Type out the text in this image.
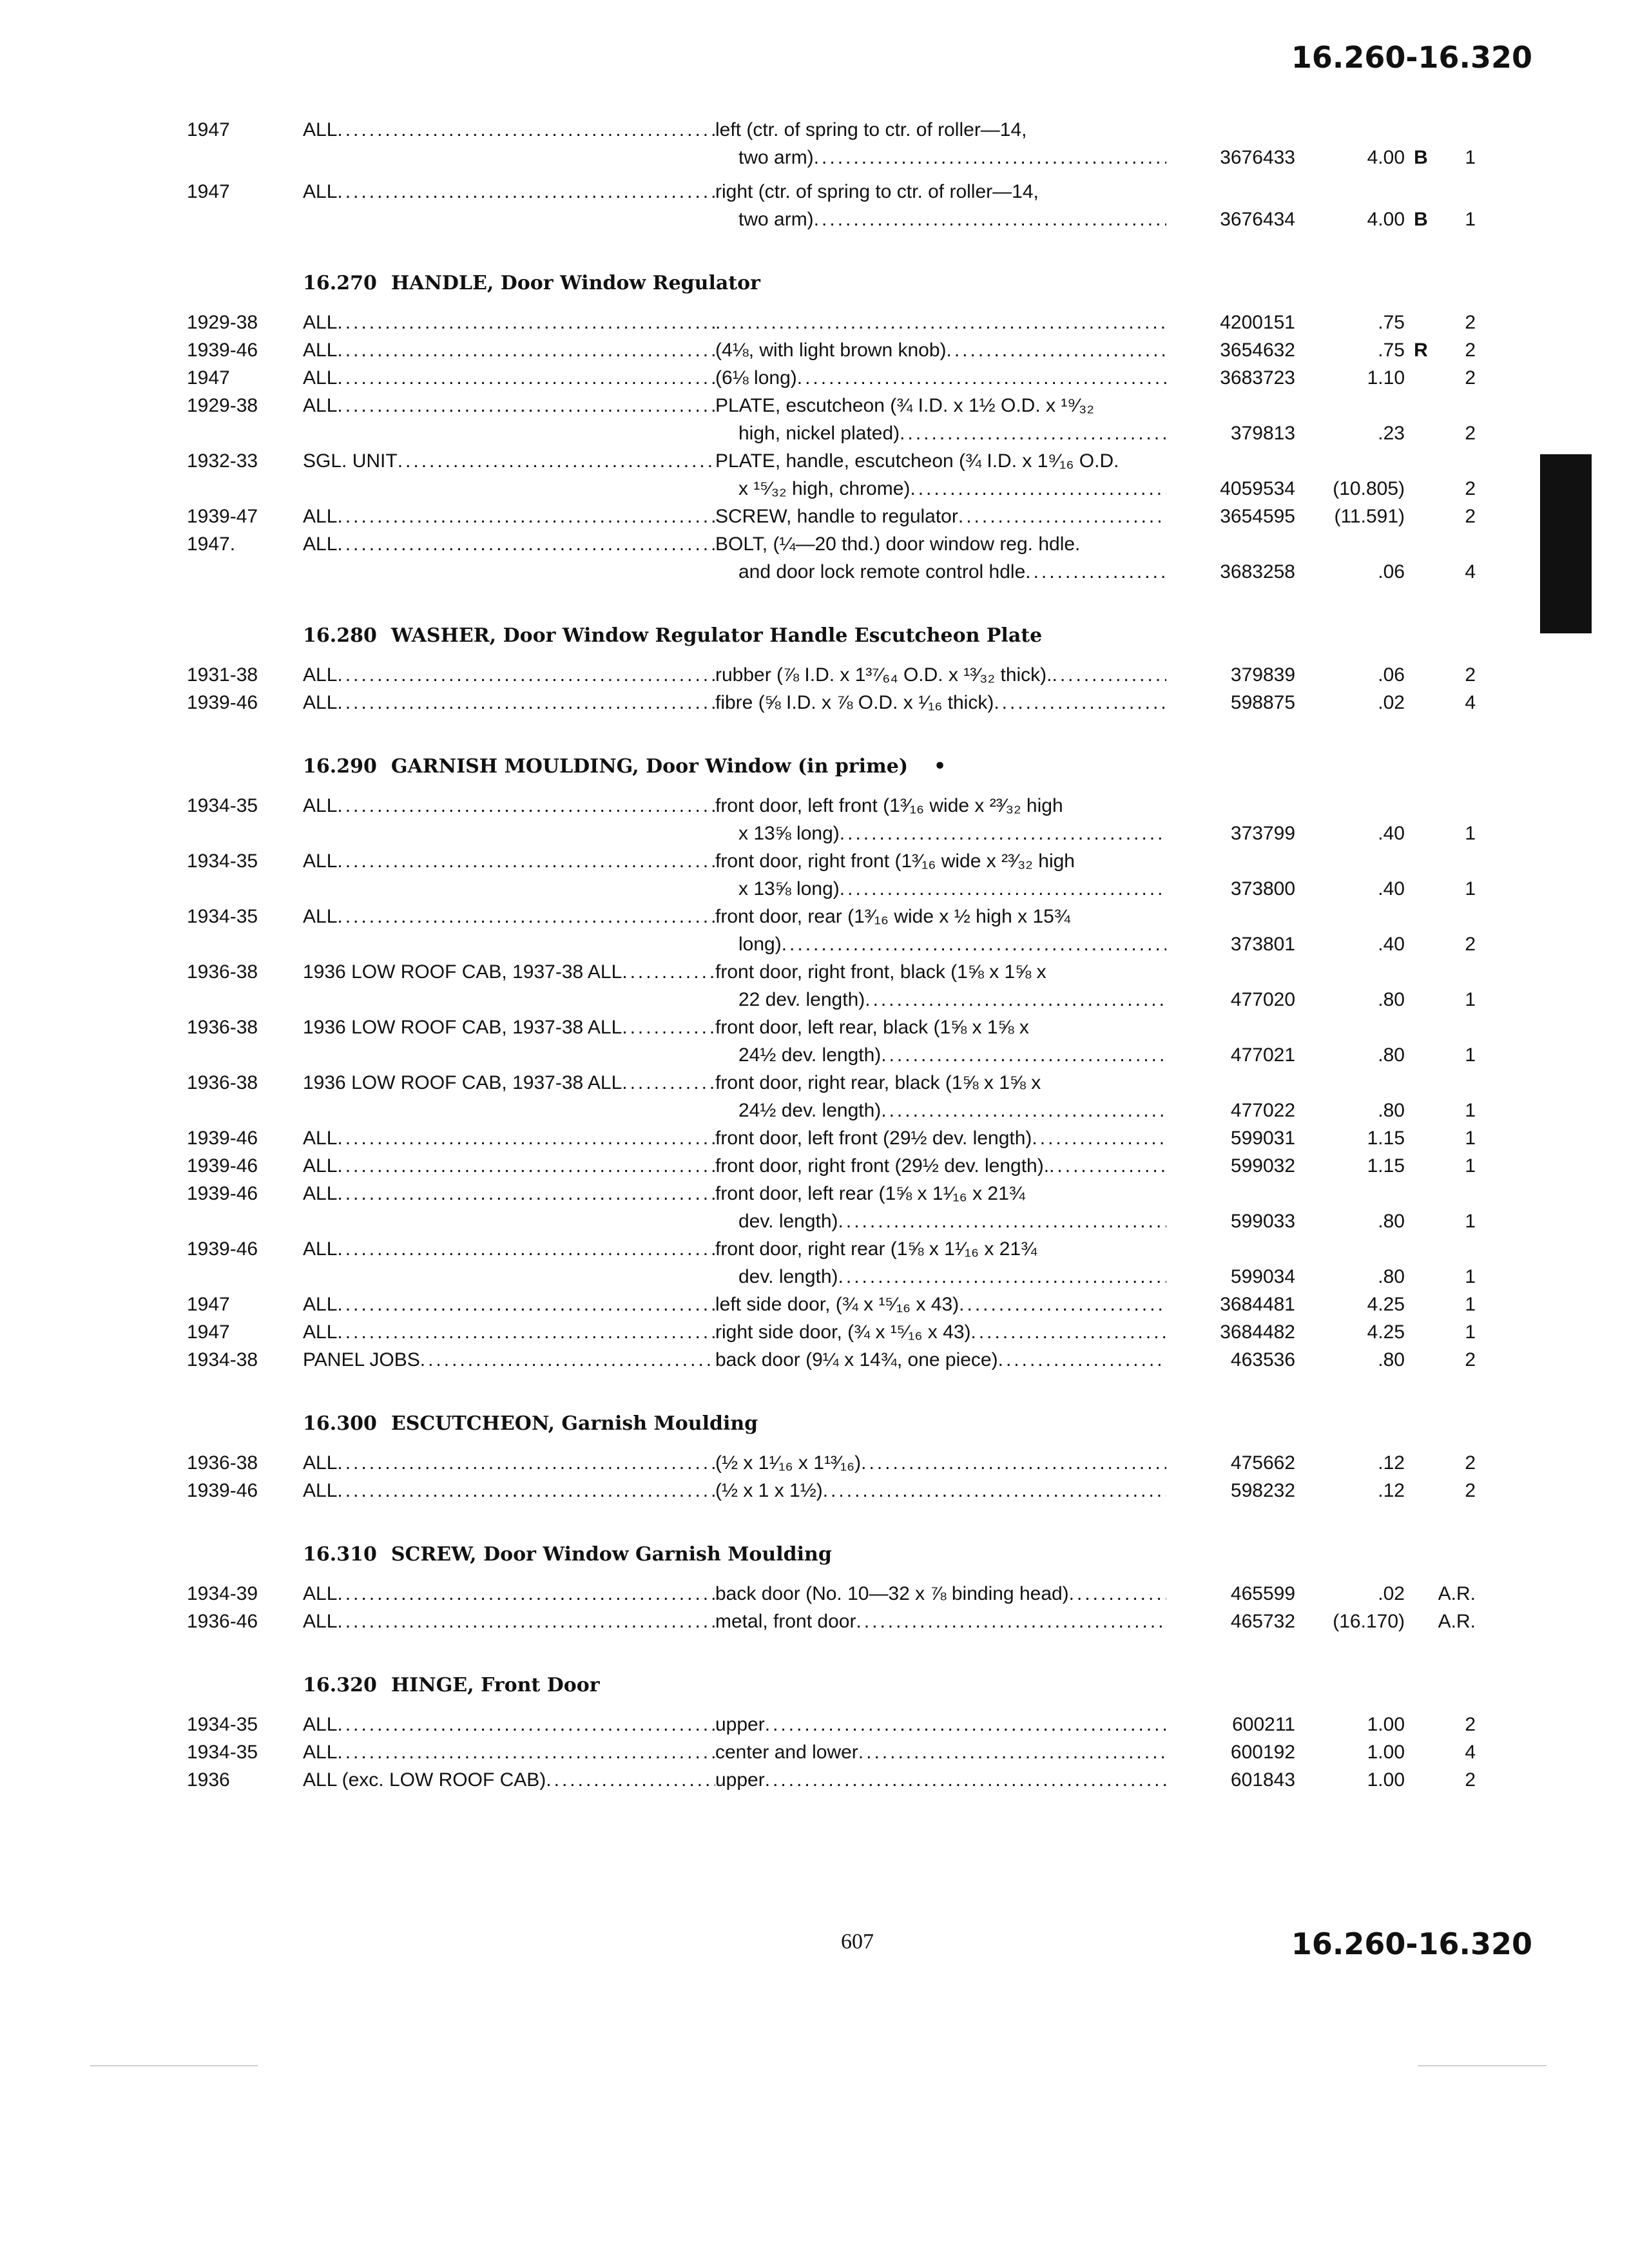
16.260-16.320
1947	ALL .....	left (ctr. of spring to ctr. of roller—14,
two arm) .....	3676433	4.00 B	1
1947	ALL .....	right (ctr. of spring to ctr. of roller—14,
two arm) .....	3676434	4.00 B	1
16.270 HANDLE, Door Window Regulator
1929-38	ALL ..... .....	4200151	.75	2
1939-46	ALL .....	(4⅛, with light brown knob) .....	3654632	.75 R	2
1947	ALL .....	(6⅛ long) .....	3683723	1.10	2
1929-38	ALL .....	PLATE, escutcheon (¾ I.D. x 1½ O.D. x ¹⁹⁄₃₂
high, nickel plated) .....	379813	.23	2
1932-33	SGL. UNIT .....	PLATE, handle, escutcheon (¾ I.D. x 1⁹⁄₁₆ O.D.
x ¹⁵⁄₃₂ high, chrome) .....	4059534	(10.805)	2
1939-47	ALL .....	SCREW, handle to regulator .....	3654595	(11.591)	2
1947.	ALL .....	BOLT, (¼—20 thd.) door window reg. hdle.
and door lock remote control hdle .....	3683258	.06	4
16.280 WASHER, Door Window Regulator Handle Escutcheon Plate
1931-38	ALL .....	rubber (⅞ I.D. x 1³⁷⁄₆₄ O.D. x ¹³⁄₃₂ thick). .....	379839	.06	2
1939-46	ALL .....	fibre (⅝ I.D. x ⅞ O.D. x ¹⁄₁₆ thick) .....	598875	.02	4
16.290 GARNISH MOULDING, Door Window (in prime) •
1934-35	ALL .....	front door, left front (1³⁄₁₆ wide x ²³⁄₃₂ high
x 13⅝ long) .....	373799	.40	1
1934-35	ALL .....	front door, right front (1³⁄₁₆ wide x ²³⁄₃₂ high
x 13⅝ long) .....	373800	.40	1
1934-35	ALL .....	front door, rear (1³⁄₁₆ wide x ½ high x 15¾
long) .....	373801	.40	2
1936-38	1936 LOW ROOF CAB, 1937-38 ALL .....	front door, right front, black (1⅝ x 1⅝ x
22 dev. length) .....	477020	.80	1
1936-38	1936 LOW ROOF CAB, 1937-38 ALL .....	front door, left rear, black (1⅝ x 1⅝ x
24½ dev. length) .....	477021	.80	1
1936-38	1936 LOW ROOF CAB, 1937-38 ALL .....	front door, right rear, black (1⅝ x 1⅝ x
24½ dev. length) .....	477022	.80	1
1939-46	ALL .....	front door, left front (29½ dev. length) .....	599031	1.15	1
1939-46	ALL .....	front door, right front (29½ dev. length). .....	599032	1.15	1
1939-46	ALL .....	front door, left rear (1⅝ x 1¹⁄₁₆ x 21¾
dev. length) .....	599033	.80	1
1939-46	ALL .....	front door, right rear (1⅝ x 1¹⁄₁₆ x 21¾
dev. length) .....	599034	.80	1
1947	ALL .....	left side door, (¾ x ¹⁵⁄₁₆ x 43) .....	3684481	4.25	1
1947	ALL .....	right side door, (¾ x ¹⁵⁄₁₆ x 43) .....	3684482	4.25	1
1934-38	PANEL JOBS .....	back door (9¼ x 14¾, one piece) .....	463536	.80	2
16.300 ESCUTCHEON, Garnish Moulding
1936-38	ALL .....	(½ x 1¹⁄₁₆ x 1¹³⁄₁₆) .....	475662	.12	2
1939-46	ALL .....	(½ x 1 x 1½) .....	598232	.12	2
16.310 SCREW, Door Window Garnish Moulding
1934-39	ALL .....	back door (No. 10—32 x ⅞ binding head) .....	465599	.02 A.R.
1936-46	ALL .....	metal, front door .....	465732	(16.170) A.R.
16.320 HINGE, Front Door
1934-35	ALL .....	upper .....	600211	1.00	2
1934-35	ALL .....	center and lower .....	600192	1.00	4
1936	ALL (exc. LOW ROOF CAB) .....	upper .....	601843	1.00	2
607	16.260-16.320
